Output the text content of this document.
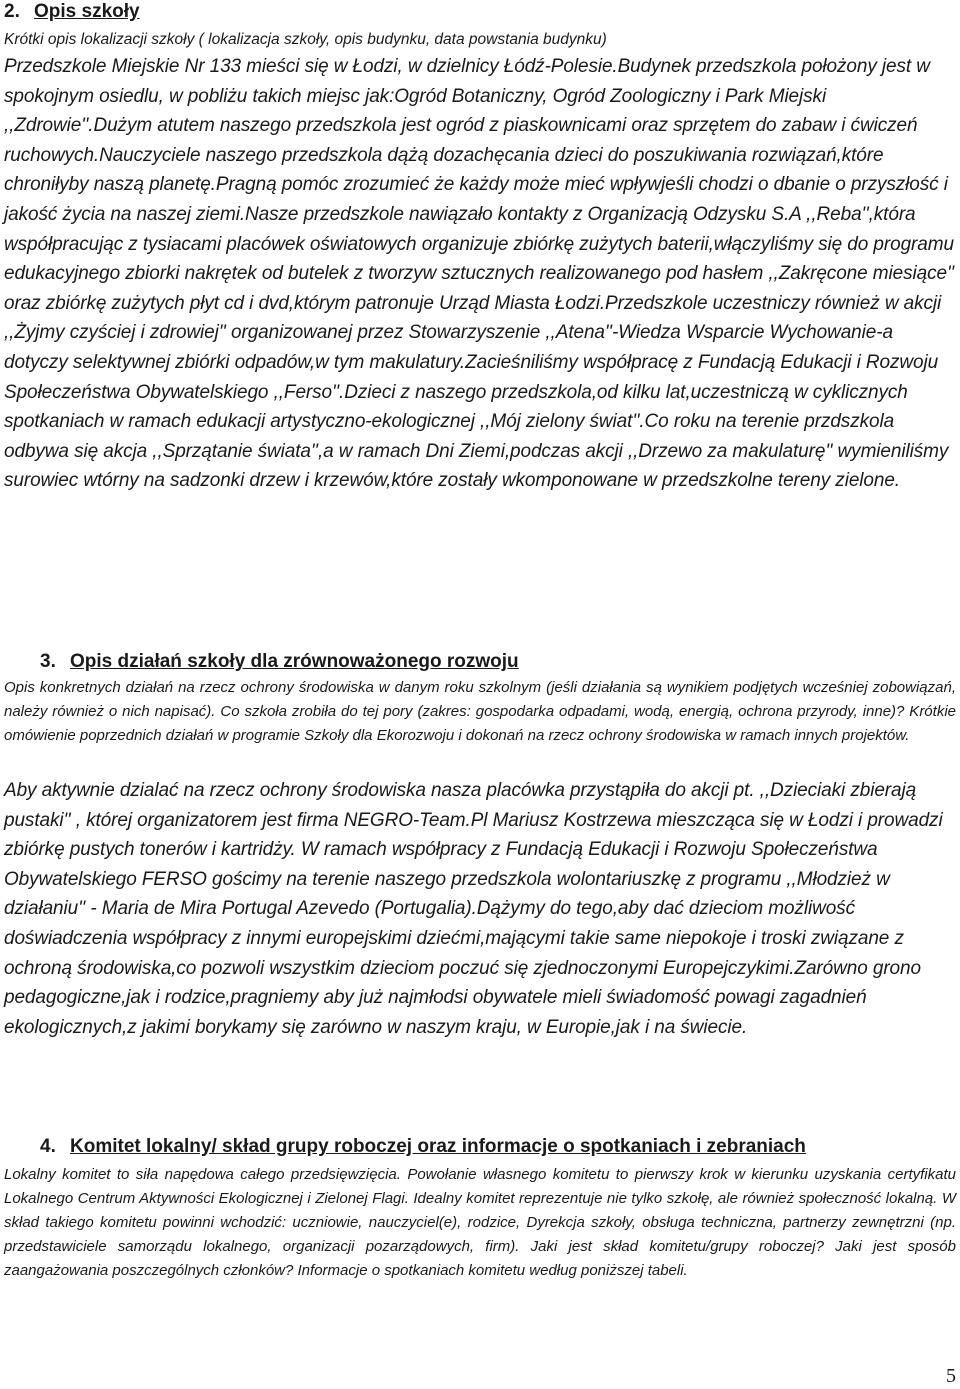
2. Opis szkoły

Krótki opis lokalizacji szkoły ( lokalizacja szkoły, opis budynku, data powstania budynku)

Przedszkole Miejskie Nr 133 mieści się w Łodzi, w dzielnicy Łódź-Polesie.Budynek przedszkola położony jest w spokojnym osiedlu, w pobliżu takich miejsc jak:Ogród Botaniczny, Ogród Zoologiczny i Park Miejski ,,Zdrowie''.Dużym atutem naszego przedszkola jest ogród z piaskownicami oraz sprzętem do zabaw i ćwiczeń ruchowych.Nauczyciele naszego przedszkola dążą dozachęcania dzieci do poszukiwania rozwiązań,które chroniłyby naszą planetę.Pragną pomóc zrozumieć że każdy może mieć wpływjeśli chodzi o dbanie o przyszłość i jakość życia na naszej ziemi.Nasze przedszkole nawiązało kontakty z Organizacją Odzysku S.A ,,Reba'',która współpracując z tysiacami placówek oświatowych organizuje zbiórkę zużytych baterii,włączyliśmy się do programu edukacyjnego zbiorki nakrętek od butelek z tworzyw sztucznych realizowanego pod hasłem ,,Zakręcone miesiące'' oraz zbiórkę zużytych płyt cd i dvd,którym patronuje Urząd Miasta Łodzi.Przedszkole uczestniczy również w akcji ,,Żyjmy czyściej i zdrowiej'' organizowanej przez Stowarzyszenie ,,Atena''-Wiedza Wsparcie Wychowanie-a dotyczy selektywnej zbiórki odpadów,w tym makulatury.Zacieśniliśmy współpracę z Fundacją Edukacji i Rozwoju Społeczeństwa Obywatelskiego ,,Ferso''.Dzieci z naszego przedszkola,od kilku lat,uczestniczą w cyklicznych spotkaniach w ramach edukacji artystyczno-ekologicznej ,,Mój zielony świat''.Co roku na terenie przdszkola odbywa się akcja ,,Sprzątanie świata'',a w ramach Dni Ziemi,podczas akcji ,,Drzewo za makulaturę'' wymieniliśmy surowiec wtórny na sadzonki drzew i krzewów,które zostały wkomponowane w przedszkolne tereny zielone.

3. Opis działań szkoły dla zrównoważonego rozwoju

Opis konkretnych działań na rzecz ochrony środowiska w danym roku szkolnym (jeśli działania są wynikiem podjętych wcześniej zobowiązań, należy również o nich napisać). Co szkoła zrobiła do tej pory (zakres: gospodarka odpadami, wodą, energią, ochrona przyrody, inne)? Krótkie omówienie poprzednich działań w programie Szkoły dla Ekorozwoju i dokonań na rzecz ochrony środowiska w ramach innych projektów.

Aby aktywnie dzialać na rzecz ochrony środowiska nasza placówka przystąpiła do akcji pt. ,,Dzieciaki zbierają pustaki'' , której organizatorem jest firma NEGRO-Team.Pl Mariusz Kostrzewa mieszcząca się w Łodzi i prowadzi zbiórkę pustych tonerów i kartridży. W ramach współpracy z Fundacją Edukacji i Rozwoju Społeczeństwa Obywatelskiego FERSO gościmy na terenie naszego przedszkola wolontariuszkę z programu ,,Młodzież w działaniu'' - Maria de Mira Portugal Azevedo (Portugalia).Dążymy do tego,aby dać dzieciom możliwość doświadczenia współpracy z innymi europejskimi dziećmi,mającymi takie same niepokoje i troski związane z ochroną środowiska,co pozwoli wszystkim dzieciom poczuć się zjednoczonymi Europejczykimi.Zarówno grono pedagogiczne,jak i rodzice,pragniemy aby już najmłodsi obywatele mieli świadomość powagi zagadnień ekologicznych,z jakimi borykamy się zarówno w naszym kraju, w Europie,jak i na świecie.

4. Komitet lokalny/ skład grupy roboczej oraz informacje o spotkaniach i zebraniach

Lokalny komitet to siła napędowa całego przedsięwzięcia. Powołanie własnego komitetu to pierwszy krok w kierunku uzyskania certyfikatu Lokalnego Centrum Aktywności Ekologicznej i Zielonej Flagi. Idealny komitet reprezentuje nie tylko szkołę, ale również społeczność lokalną. W skład takiego komitetu powinni wchodzić: uczniowie, nauczyciel(e), rodzice, Dyrekcja szkoły, obsługa techniczna, partnerzy zewnętrzni (np. przedstawiciele samorządu lokalnego, organizacji pozarządowych, firm). Jaki jest skład komitetu/grupy roboczej? Jaki jest sposób zaangażowania poszczególnych członków? Informacje o spotkaniach komitetu według poniższej tabeli.

5
